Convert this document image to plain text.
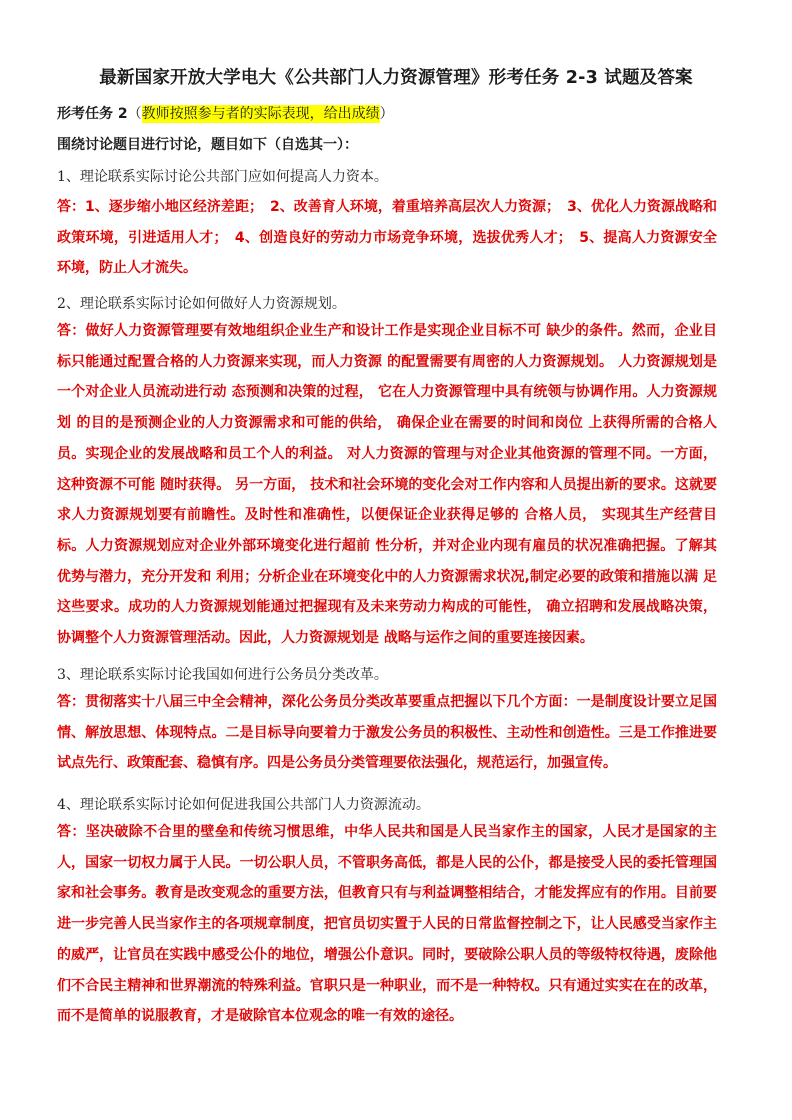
最新国家开放大学电大《公共部门人力资源管理》形考任务 2-3 试题及答案
形考任务 2（教师按照参与者的实际表现，给出成绩）
围绕讨论题目进行讨论，题目如下（自选其一）：
1、理论联系实际讨论公共部门应如何提高人力资本。

答：1、逐步缩小地区经济差距；　2、改善育人环境，着重培养高层次人力资源；　3、优化人力资源战略和政策环境，引进适用人才；　4、创造良好的劳动力市场竞争环境，选拔优秀人才；　5、提高人力资源安全环境，防止人才流失。

2、理论联系实际讨论如何做好人力资源规划。

答：做好人力资源管理要有效地组织企业生产和设计工作是实现企业目标不可 缺少的条件。然而，企业目标只能通过配置合格的人力资源来实现，而人力资源 的配置需要有周密的人力资源规划。 人力资源规划是一个对企业人员流动进行动 态预测和决策的过程， 它在人力资源管理中具有统领与协调作用。人力资源规划 的目的是预测企业的人力资源需求和可能的供给， 确保企业在需要的时间和岗位 上获得所需的合格人员。实现企业的发展战略和员工个人的利益。 对人力资源的管理与对企业其他资源的管理不同。一方面，这种资源不可能 随时获得。 另一方面， 技术和社会环境的变化会对工作内容和人员提出新的要求。这就要求人力资源规划要有前瞻性。及时性和准确性，以便保证企业获得足够的 合格人员， 实现其生产经营目标。人力资源规划应对企业外部环境变化进行超前 性分析，并对企业内现有雇员的状况准确把握。了解其优势与潜力，充分开发和 利用；分析企业在环境变化中的人力资源需求状况,制定必要的政策和措施以满 足这些要求。成功的人力资源规划能通过把握现有及未来劳动力构成的可能性， 确立招聘和发展战略决策，协调整个人力资源管理活动。因此，人力资源规划是 战略与运作之间的重要连接因素。

3、理论联系实际讨论我国如何进行公务员分类改革。

答：贯彻落实十八届三中全会精神，深化公务员分类改革要重点把握以下几个方面：一是制度设计要立足国情、解放思想、体现特点。二是目标导向要着力于激发公务员的积极性、主动性和创造性。三是工作推进要试点先行、政策配套、稳慎有序。四是公务员分类管理要依法强化，规范运行，加强宣传。

4、理论联系实际讨论如何促进我国公共部门人力资源流动。

答：坚决破除不合里的壁垒和传统习惯思维，中华人民共和国是人民当家作主的国家，人民才是国家的主人，国家一切权力属于人民。一切公职人员，不管职务高低，都是人民的公仆，都是接受人民的委托管理国家和社会事务。教育是改变观念的重要方法，但教育只有与利益调整相结合，才能发挥应有的作用。目前要进一步完善人民当家作主的各项规章制度，把官员切实置于人民的日常监督控制之下，让人民感受当家作主的威严，让官员在实践中感受公仆的地位，增强公仆意识。同时，要破除公职人员的等级特权待遇，废除他们不合民主精神和世界潮流的特殊利益。官职只是一种职业，而不是一种特权。只有通过实实在在的改革，而不是简单的说服教育，才是破除官本位观念的唯一有效的途径。
